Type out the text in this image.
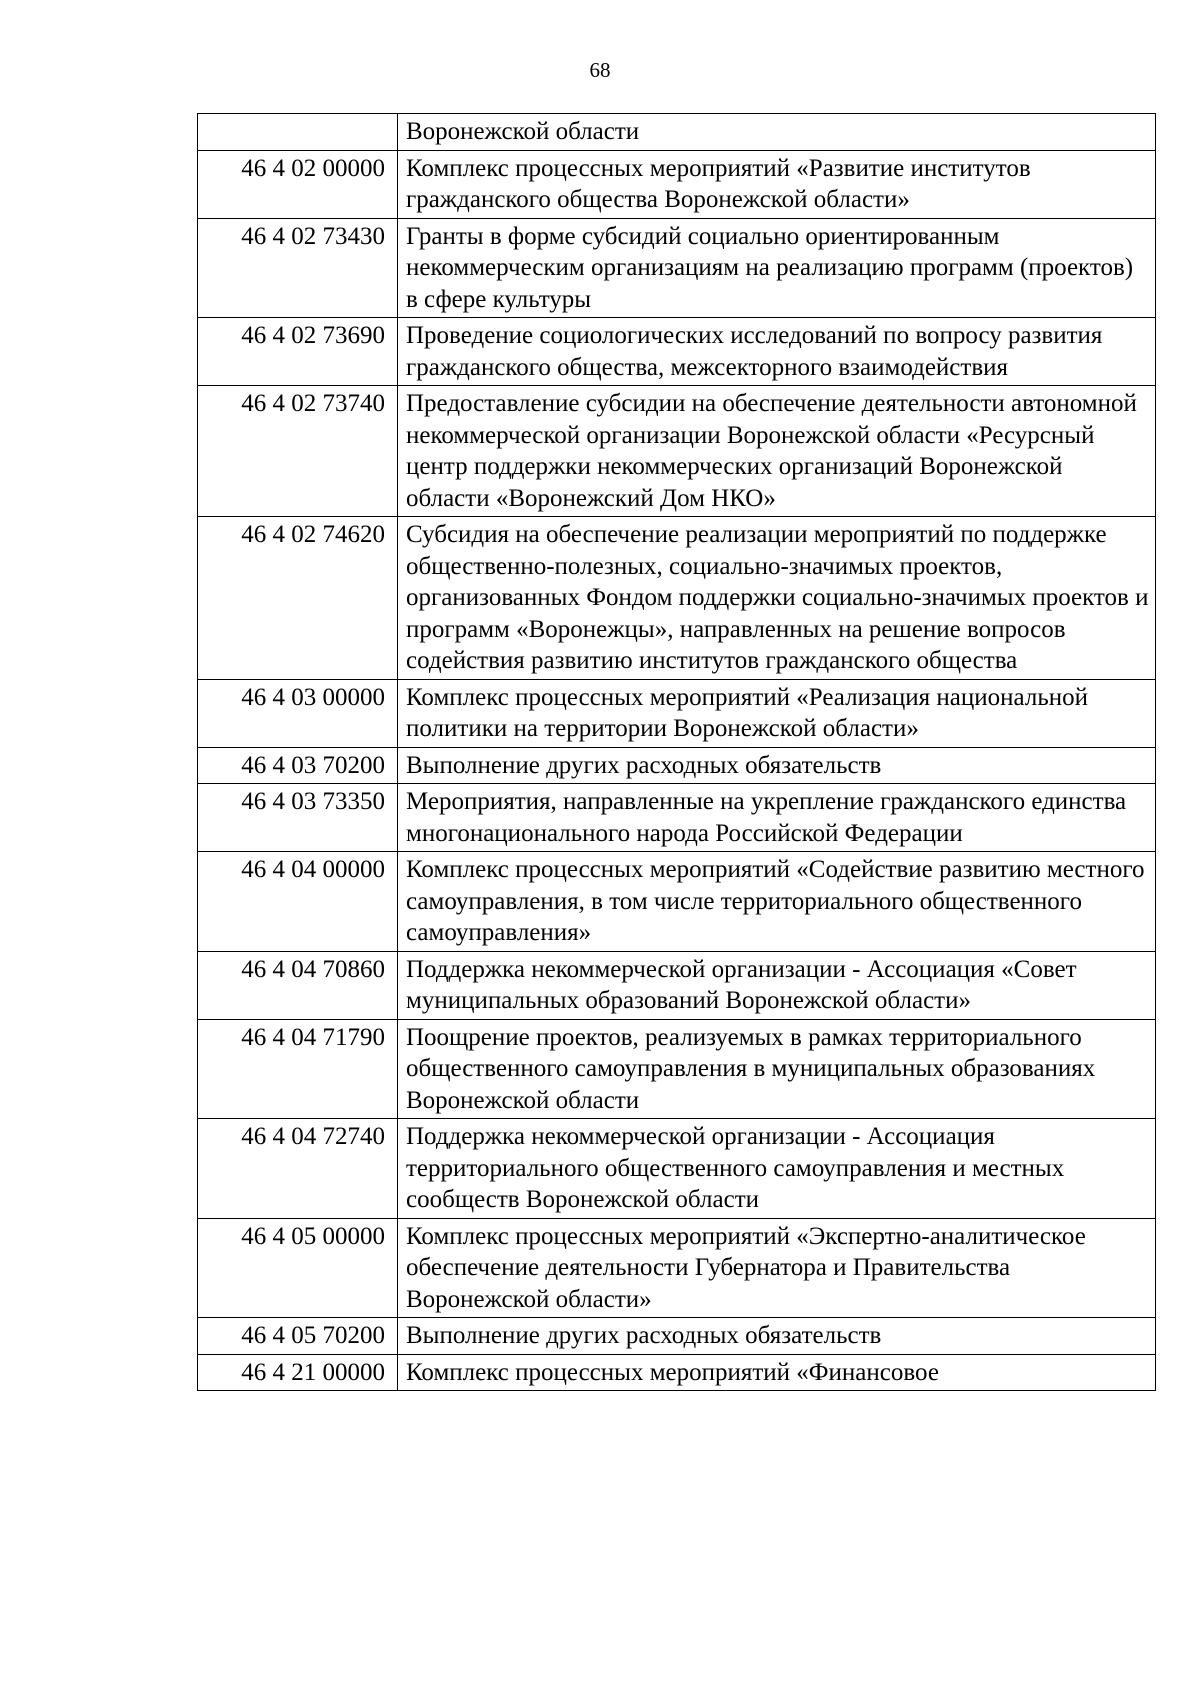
68
	Воронежской области
46 4 02 00000	Комплекс процессных мероприятий «Развитие институтов гражданского общества Воронежской области»
46 4 02 73430	Гранты в форме субсидий социально ориентированным некоммерческим организациям на реализацию программ (проектов) в сфере культуры
46 4 02 73690	Проведение социологических исследований по вопросу развития гражданского общества, межсекторного взаимодействия
46 4 02 73740	Предоставление субсидии на обеспечение деятельности автономной некоммерческой организации Воронежской области «Ресурсный центр поддержки некоммерческих организаций Воронежской области «Воронежский Дом НКО»
46 4 02 74620	Субсидия на обеспечение реализации мероприятий по поддержке общественно-полезных, социально-значимых проектов, организованных Фондом поддержки социально-значимых проектов и программ «Воронежцы», направленных на решение вопросов содействия развитию институтов гражданского общества
46 4 03 00000	Комплекс процессных мероприятий «Реализация национальной политики на территории Воронежской области»
46 4 03 70200	Выполнение других расходных обязательств
46 4 03 73350	Мероприятия, направленные на укрепление гражданского единства многонационального народа Российской Федерации
46 4 04 00000	Комплекс процессных мероприятий «Содействие развитию местного самоуправления, в том числе территориального общественного самоуправления»
46 4 04 70860	Поддержка некоммерческой организации - Ассоциация «Совет муниципальных образований Воронежской области»
46 4 04 71790	Поощрение проектов, реализуемых в рамках территориального общественного самоуправления в муниципальных образованиях Воронежской области
46 4 04 72740	Поддержка некоммерческой организации - Ассоциация территориального общественного самоуправления и местных сообществ Воронежской области
46 4 05 00000	Комплекс процессных мероприятий «Экспертно-аналитическое обеспечение деятельности Губернатора и Правительства Воронежской области»
46 4 05 70200	Выполнение других расходных обязательств
46 4 21 00000	Комплекс процессных мероприятий «Финансовое
